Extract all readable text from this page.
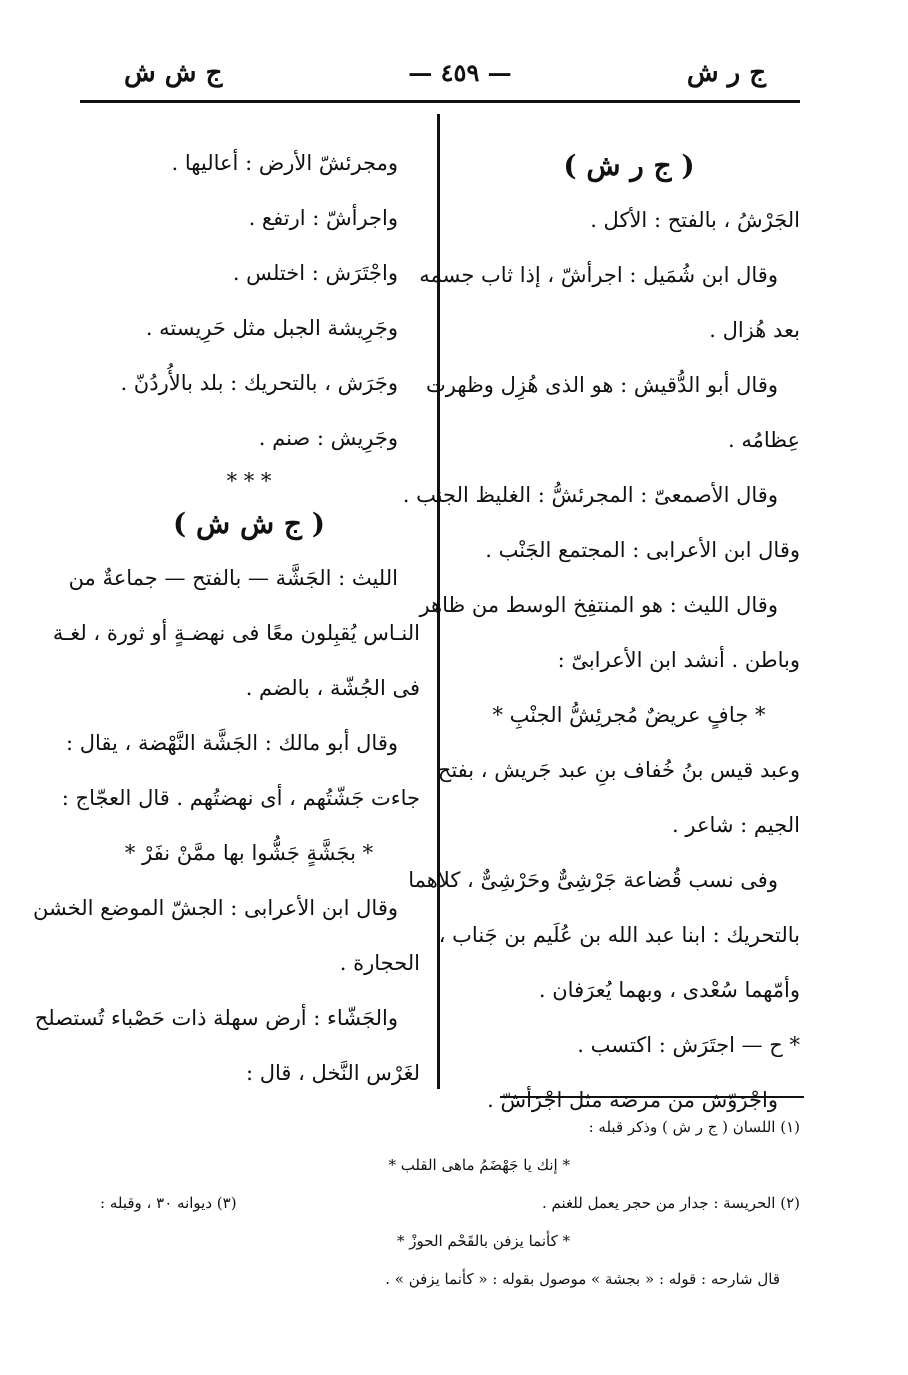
ج ر ش
— ٤٥٩ —
ج ش ش
( ج ر ش )
الجَرْشُ ، بالفتح : الأكل .
وقال ابن شُمَيل : اجرأشّ ، إذا ثاب جسمه
بعد هُزال .
وقال أبو الدُّقيش : هو الذى هُزِل وظهرت
عِظامُه .
وقال الأصمعىّ : المجرئشُّ : الغليظ الجنب .
وقال ابن الأعرابى : المجتمع الجَنْب .
وقال الليث : هو المنتفِخ الوسط من ظاهر
وباطن . أنشد ابن الأعرابىّ :
* جافٍ عريضٌ مُجرئِشُّ الجنْبِ *
وعبد قيس بنُ خُفاف بنِ عبد جَريش ، بفتح
الجيم : شاعر .
وفى نسب قُضاعة جَرْشِىٌّ وحَرْشِىٌّ ، كلاهما
بالتحريك : ابنا عبد الله بن عُلَيم بن جَناب ،
وأمّهما سُعْدى ، وبهما يُعرَفان .
* ح — اجتَرَش : اكتسب .
واجْرَوّش من مرضه مثل اجْرَأشّ .
ومجرئشّ الأرض : أعاليها .
واجرأشّ : ارتفع .
واجْتَرَش : اختلس .
وجَرِيشة الجبل مثل حَرِيسته .
وجَرَش ، بالتحريك : بلد بالأُردُنّ .
وجَرِيش : صنم .
* * *
( ج ش ش )
الليث : الجَشَّة — بالفتح — جماعةٌ من
النـاس يُقبِلون معًا فى نهضـةٍ أو ثورة ، لغـة
فى الجُشّة ، بالضم .
وقال أبو مالك : الجَشَّة النَّهْضة ، يقال :
جاءت جَشّتُهم ، أى نهضتُهم . قال العجّاج :
* بجَشَّةٍ جَشُّوا بها ممَّنْ نفَرْ *
وقال ابن الأعرابى : الجشّ الموضع الخشن
الحجارة .
والجَشّاء : أرض سهلة ذات حَصْباء تُستصلح
لغَرْس النَّخل ، قال :
(١) اللسان ( ج ر ش ) وذكر قبله :
* إنك يا جَهْضَمُ ماهى القلب *
(٢) الحريسة : جدار من حجر يعمل للغنم .
(٣) ديوانه ٣٠ ، وقبله :
* كأنما يزفن بالقَحْم الحوزْ *
قال شارحه : قوله : « بجشة » موصول بقوله : « كأنما يزفن » .
